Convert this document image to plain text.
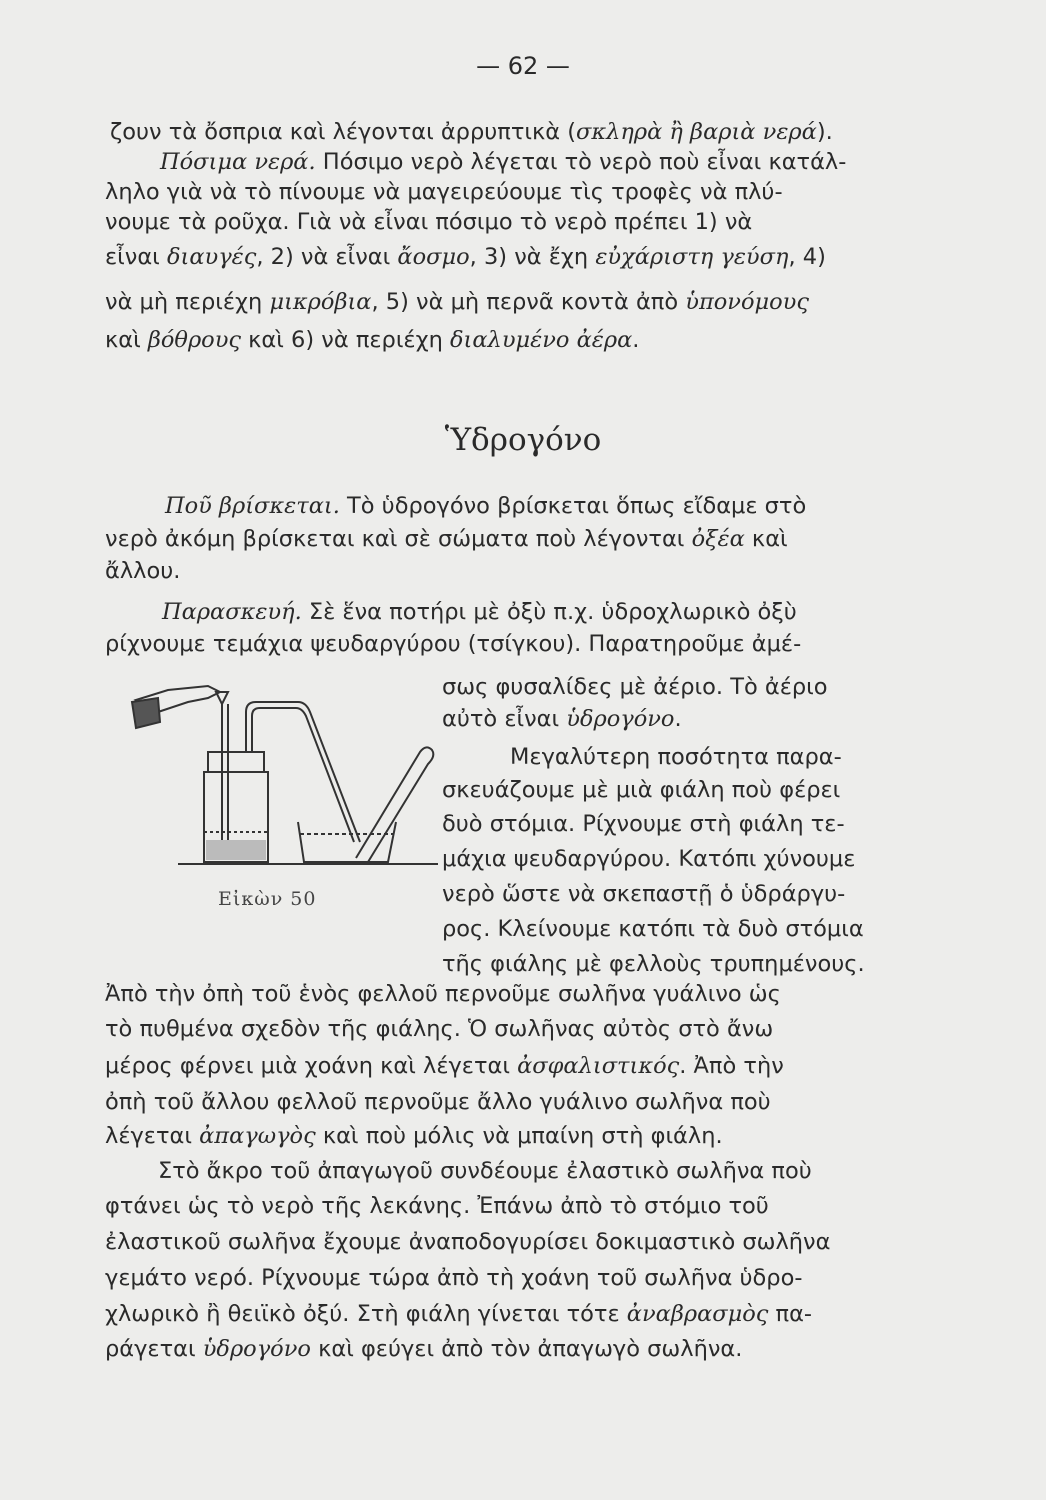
— 62 —
ζουν τὰ ὄσπρια καὶ λέγονται ἀρρυπτικὰ (σκληρὰ ἢ βαριὰ νερά).
Πόσιμα νερά. Πόσιμο νερὸ λέγεται τὸ νερὸ ποὺ εἶναι κατάλ-
ληλο γιὰ νὰ τὸ πίνουμε νὰ μαγειρεύουμε τὶς τροφὲς νὰ πλύ-
νουμε τὰ ροῦχα. Γιὰ νὰ εἶναι πόσιμο τὸ νερὸ πρέπει 1) νὰ
εἶναι διαυγές, 2) νὰ εἶναι ἄοσμο, 3) νὰ ἔχη εὐχάριστη γεύση, 4)
νὰ μὴ περιέχη μικρόβια, 5) νὰ μὴ περνᾶ κοντὰ ἀπὸ ὑπονόμους
καὶ βόθρους καὶ 6) νὰ περιέχη διαλυμένο ἀέρα.
Ὑδρογόνο
Ποῦ βρίσκεται. Τὸ ὑδρογόνο βρίσκεται ὅπως εἴδαμε στὸ
νερὸ ἀκόμη βρίσκεται καὶ σὲ σώματα ποὺ λέγονται ὀξέα καὶ
ἄλλου.
Παρασκευή. Σὲ ἕνα ποτήρι μὲ ὀξὺ π.χ. ὑδροχλωρικὸ ὀξὺ
ρίχνουμε τεμάχια ψευδαργύρου (τσίγκου). Παρατηροῦμε ἀμέ-
σως φυσαλίδες μὲ ἀέριο. Τὸ ἀέριο
αὐτὸ εἶναι ὑδρογόνο.
Μεγαλύτερη ποσότητα παρα-
σκευάζουμε μὲ μιὰ φιάλη ποὺ φέρει
δυὸ στόμια. Ρίχνουμε στὴ φιάλη τε-
μάχια ψευδαργύρου. Κατόπι χύνουμε
νερὸ ὥστε νὰ σκεπαστῇ ὁ ὑδράργυ-
ρος. Κλείνουμε κατόπι τὰ δυὸ στόμια
τῆς φιάλης μὲ φελλοὺς τρυπημένους.
Ἀπὸ τὴν ὀπὴ τοῦ ἑνὸς φελλοῦ περνοῦμε σωλῆνα γυάλινο ὡς
τὸ πυθμένα σχεδὸν τῆς φιάλης. Ὁ σωλῆνας αὐτὸς στὸ ἄνω
μέρος φέρνει μιὰ χοάνη καὶ λέγεται ἀσφαλιστικός. Ἀπὸ τὴν
ὀπὴ τοῦ ἄλλου φελλοῦ περνοῦμε ἄλλο γυάλινο σωλῆνα ποὺ
λέγεται ἀπαγωγὸς καὶ ποὺ μόλις νὰ μπαίνη στὴ φιάλη.
Εἰκὼν 50
Στὸ ἄκρο τοῦ ἀπαγωγοῦ συνδέουμε ἐλαστικὸ σωλῆνα ποὺ
φτάνει ὡς τὸ νερὸ τῆς λεκάνης. Ἐπάνω ἀπὸ τὸ στόμιο τοῦ
ἐλαστικοῦ σωλῆνα ἔχουμε ἀναποδογυρίσει δοκιμαστικὸ σωλῆνα
γεμάτο νερό. Ρίχνουμε τώρα ἀπὸ τὴ χοάνη τοῦ σωλῆνα ὑδρο-
χλωρικὸ ἢ θειϊκὸ ὀξύ. Στὴ φιάλη γίνεται τότε ἀναβρασμὸς πα-
ράγεται ὑδρογόνο καὶ φεύγει ἀπὸ τὸν ἀπαγωγὸ σωλῆνα.
